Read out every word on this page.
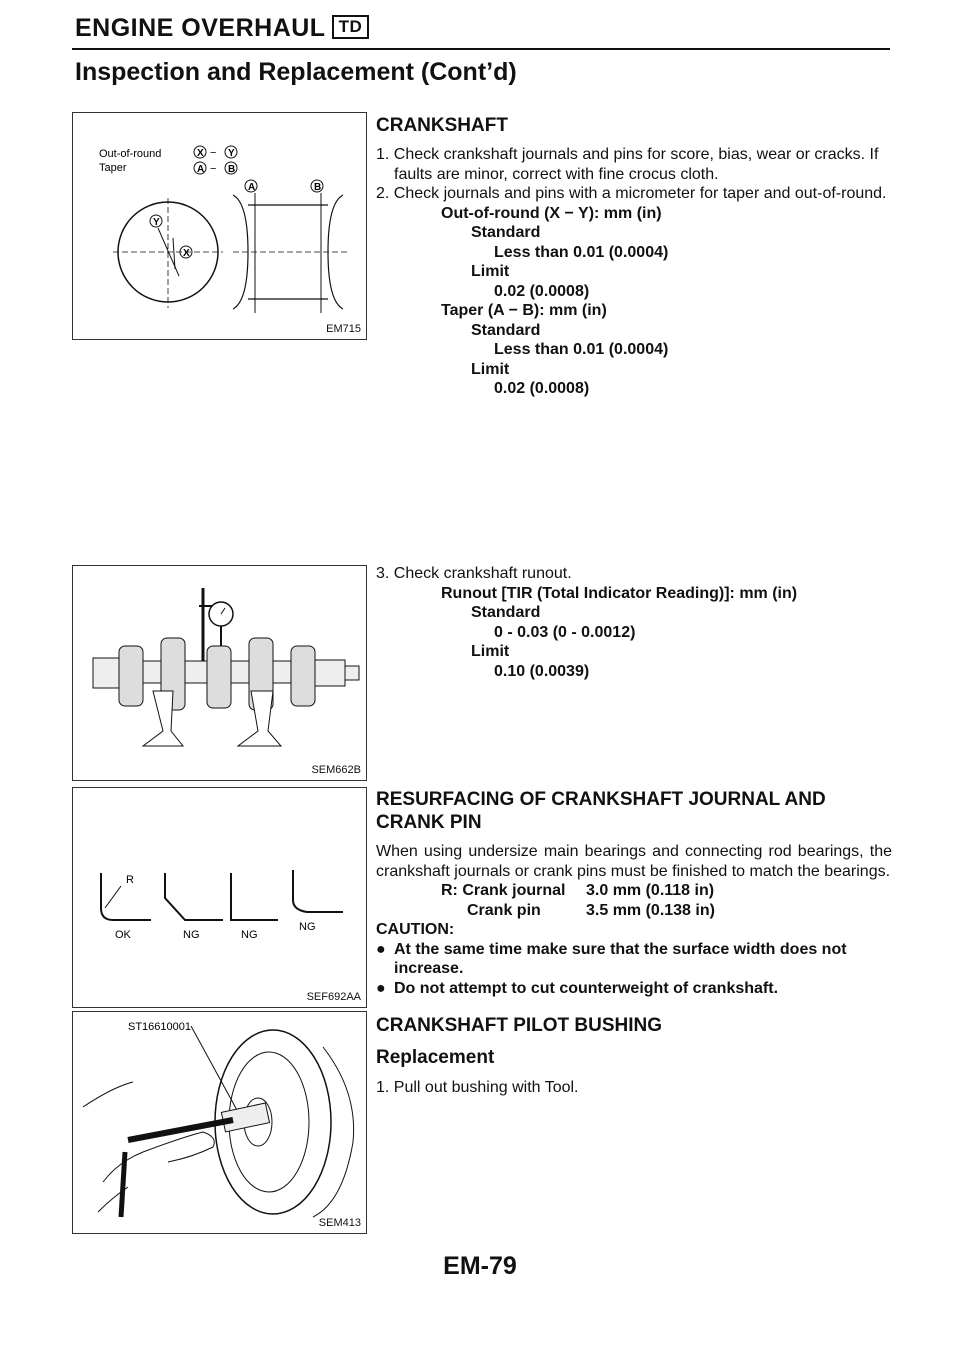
ENGINE OVERHAUL TD
Inspection and Replacement (Cont’d)
Out-of-round
Taper
X − Y
A − B
Y
X
A	B
EM715
SEM662B
R
OK	NG	NG
NG
SEF692AA
ST16610001
SEM413
CRANKSHAFT
1. Check crankshaft journals and pins for score, bias, wear or cracks. If faults are minor, correct with fine crocus cloth.
2. Check journals and pins with a micrometer for taper and out-of-round.
Out-of-round (X − Y): mm (in)
Standard
Less than 0.01 (0.0004)
Limit
0.02 (0.0008)
Taper (A − B): mm (in)
Standard
Less than 0.01 (0.0004)
Limit
0.02 (0.0008)
3. Check crankshaft runout.
Runout [TIR (Total Indicator Reading)]: mm (in)
Standard
0 - 0.03 (0 - 0.0012)
Limit
0.10 (0.0039)
RESURFACING OF CRANKSHAFT JOURNAL AND CRANK PIN

When using undersize main bearings and connecting rod bearings, the crankshaft journals or crank pins must be finished to match the bearings.

R: Crank journal	3.0 mm (0.118 in)
Crank pin	3.5 mm (0.138 in)
CAUTION:
● At the same time make sure that the surface width does not increase.
● Do not attempt to cut counterweight of crankshaft.
CRANKSHAFT PILOT BUSHING
Replacement
1. Pull out bushing with Tool.
EM-79
